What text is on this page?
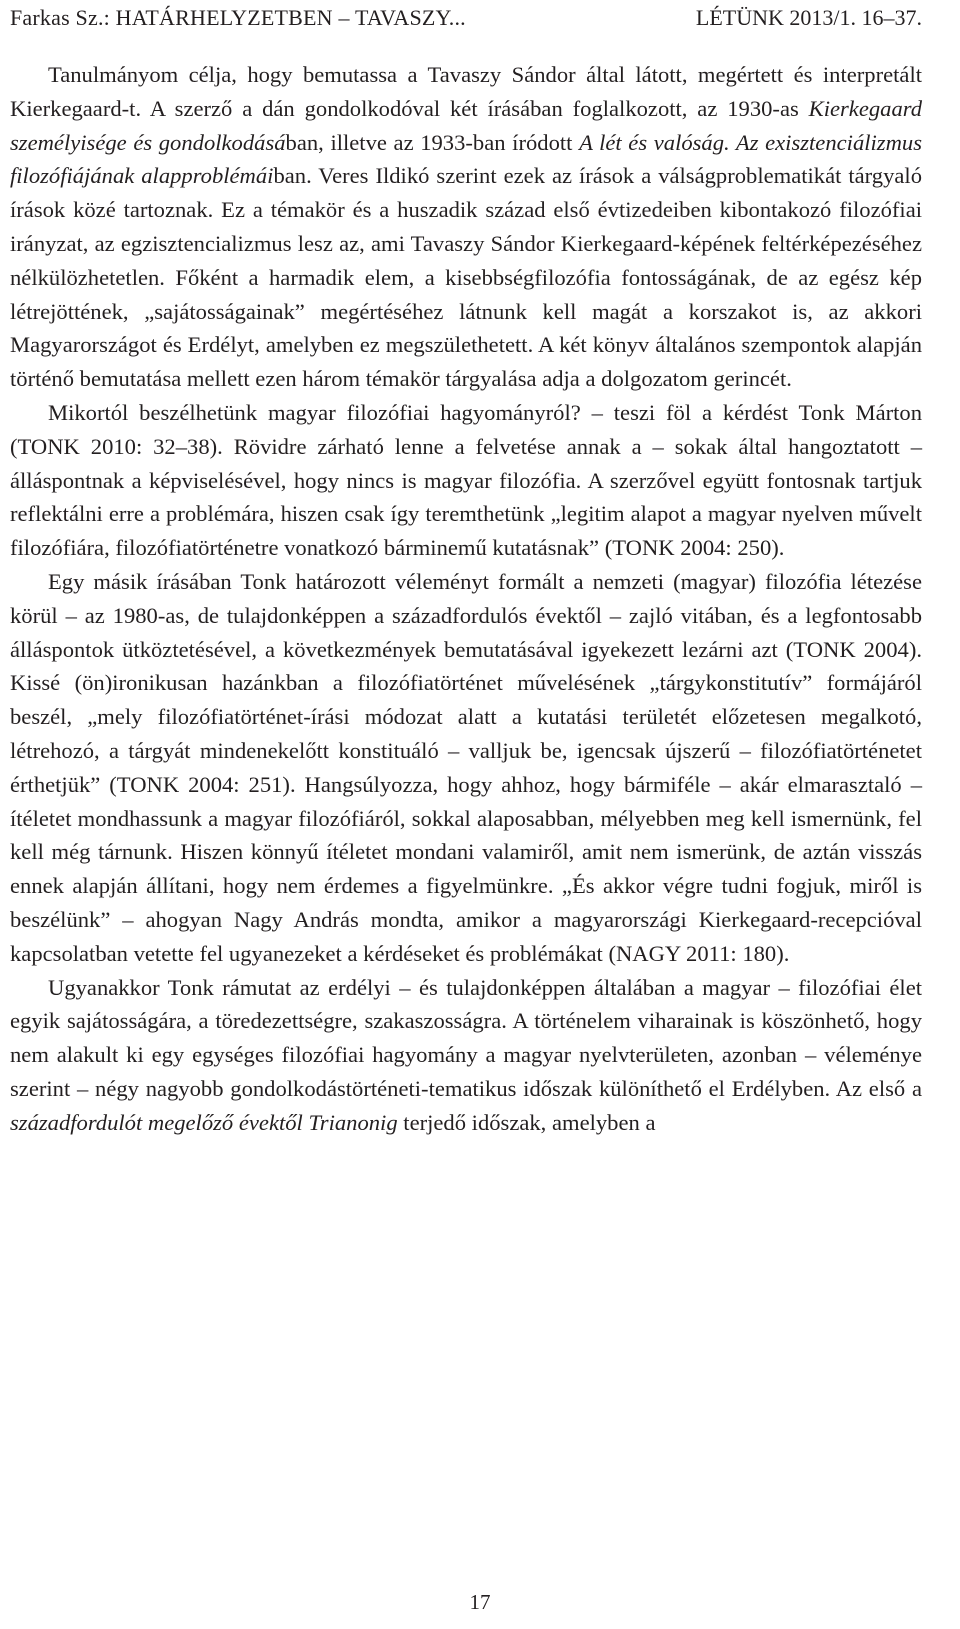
Farkas Sz.: HATÁRHELYZETBEN – TAVASZY...	LÉTÜNK 2013/1. 16–37.

Tanulmányom célja, hogy bemutassa a Tavaszy Sándor által látott, megértett és interpretált Kierkegaard-t. A szerző a dán gondolkodóval két írásában foglalkozott, az 1930-as Kierkegaard személyisége és gondolkodásában, illetve az 1933-ban íródott A lét és valóság. Az exisztenciálizmus filozófiájának alapproblémáiban. Veres Ildikó szerint ezek az írások a válságproblematikát tárgyaló írások közé tartoznak. Ez a témakör és a huszadik század első évtizedeiben kibontakozó filozófiai irányzat, az egzisztencializmus lesz az, ami Tavaszy Sándor Kierkegaard-képének feltérképezéséhez nélkülözhetetlen. Főként a harmadik elem, a kisebbségfilozófia fontosságának, de az egész kép létrejöttének, „sajátosságainak” megértéséhez látnunk kell magát a korszakot is, az akkori Magyarországot és Erdélyt, amelyben ez megszülethetett. A két könyv általános szempontok alapján történő bemutatása mellett ezen három témakör tárgyalása adja a dolgozatom gerincét.

Mikortól beszélhetünk magyar filozófiai hagyományról? – teszi föl a kérdést Tonk Márton (TONK 2010: 32–38). Rövidre zárható lenne a felvetése annak a – sokak által hangoztatott – álláspontnak a képviselésével, hogy nincs is magyar filozófia. A szerzővel együtt fontosnak tartjuk reflektálni erre a problémára, hiszen csak így teremthetünk „legitim alapot a magyar nyelven művelt filozófiára, filozófiatörténetre vonatkozó bárminemű kutatásnak” (TONK 2004: 250).

Egy másik írásában Tonk határozott véleményt formált a nemzeti (magyar) filozófia létezése körül – az 1980-as, de tulajdonképpen a századfordulós évektől – zajló vitában, és a legfontosabb álláspontok ütköztetésével, a következmények bemutatásával igyekezett lezárni azt (TONK 2004). Kissé (ön)ironikusan hazánkban a filozófiatörténet művelésének „tárgykonstitutív” formájáról beszél, „mely filozófiatörténet-írási módozat alatt a kutatási területét előzetesen megalkotó, létrehozó, a tárgyát mindenekelőtt konstituáló – valljuk be, igencsak újszerű – filozófiatörténetet érthetjük” (TONK 2004: 251). Hangsúlyozza, hogy ahhoz, hogy bármiféle – akár elmarasztaló – ítéletet mondhassunk a magyar filozófiáról, sokkal alaposabban, mélyebben meg kell ismernünk, fel kell még tárnunk. Hiszen könnyű ítéletet mondani valamiről, amit nem ismerünk, de aztán visszás ennek alapján állítani, hogy nem érdemes a figyelmünkre. „És akkor végre tudni fogjuk, miről is beszélünk” – ahogyan Nagy András mondta, amikor a magyarországi Kierkegaard-recepcióval kapcsolatban vetette fel ugyanezeket a kérdéseket és problémákat (NAGY 2011: 180).

Ugyanakkor Tonk rámutat az erdélyi – és tulajdonképpen általában a magyar – filozófiai élet egyik sajátosságára, a töredezettségre, szakaszosságra. A történelem viharainak is köszönhető, hogy nem alakult ki egy egységes filozófiai hagyomány a magyar nyelvterületen, azonban – véleménye szerint – négy nagyobb gondolkodástörténeti-tematikus időszak különíthető el Erdélyben. Az első a századfordulót megelőző évektől Trianonig terjedő időszak, amelyben a

17
